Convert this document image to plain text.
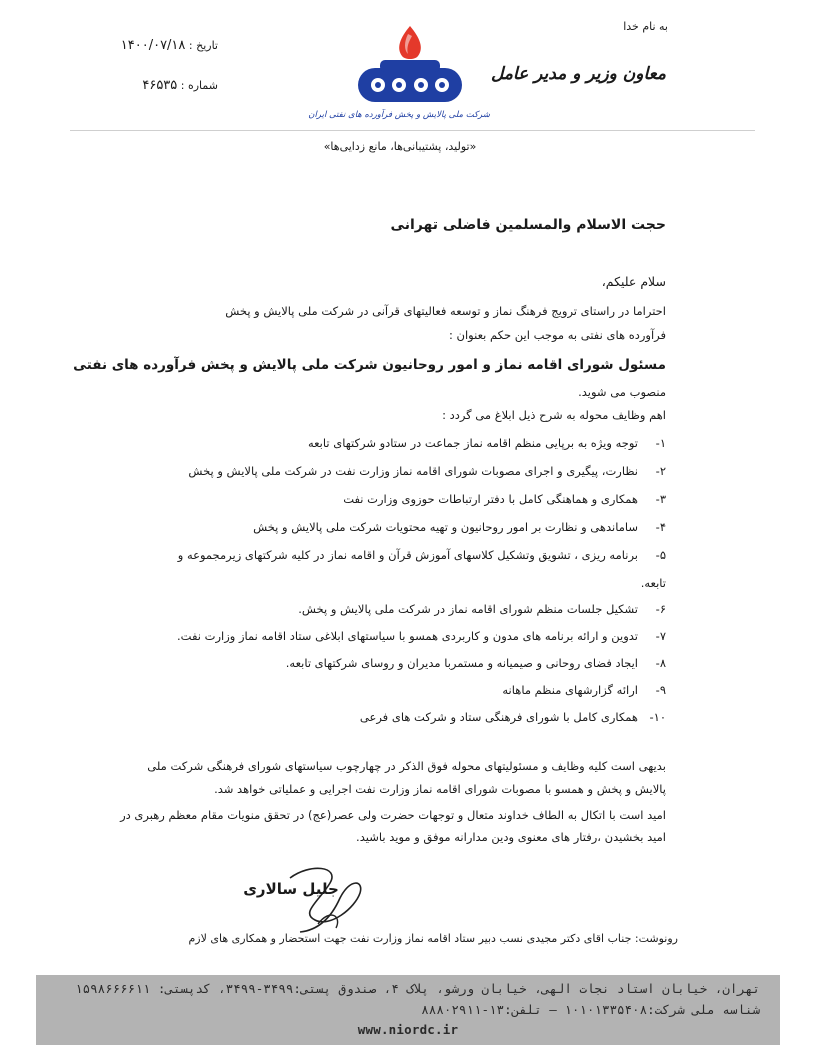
به نام خدا
معاون وزیر و مدیر عامل
تاریخ : ۱۴۰۰/۰۷/۱۸
شماره : ۴۶۵۳۵
شرکت ملی پالایش و پخش فرآورده های نفتی ایران
«تولید، پشتیبانی‌ها، مانع زدایی‌ها»
حجت الاسلام والمسلمین فاضلی تهرانی
سلام علیکم،
احتراما در راستای ترویج فرهنگ نماز و توسعه فعالیتهای قرآنی در شرکت ملی پالایش و پخش
فرآورده های نفتی به موجب این حکم بعنوان :
مسئول شورای اقامه نماز و امور روحانیون شرکت ملی پالایش و پخش فرآورده های نفتی
منصوب می شوید.
اهم وظایف محوله به شرح ذیل ابلاغ می گردد :
۱-توجه ویژه به برپایی منظم اقامه نماز جماعت در ستادو شرکتهای تابعه
۲-نظارت، پیگیری و اجرای مصوبات شورای اقامه نماز وزارت نفت در شرکت ملی پالایش و پخش
۳-همکاری و هماهنگی کامل با دفتر ارتباطات حوزوی وزارت نفت
۴-ساماندهی و نظارت بر امور روحانیون و تهیه محتویات شرکت ملی پالایش و پخش
۵-برنامه ریزی ، تشویق وتشکیل کلاسهای آموزش قرآن و اقامه نماز در کلیه شرکتهای زیرمجموعه و
تابعه.
۶-تشکیل جلسات منظم شورای اقامه نماز در شرکت ملی پالایش و پخش.
۷-تدوین و ارائه برنامه های مدون و کاربردی همسو با سیاستهای ابلاغی ستاد اقامه نماز وزارت نفت.
۸-ایجاد فضای روحانی و صیمیانه و مستمربا مدیران و روسای شرکتهای تابعه.
۹-ارائه گزارشهای منظم ماهانه
۱۰-همکاری کامل با شورای فرهنگی ستاد و شرکت های فرعی
بدیهی است کلیه وظایف و مسئولیتهای محوله فوق الذکر در چهارچوب سیاستهای شورای فرهنگی شرکت ملی
پالایش و پخش و همسو با مصوبات شورای اقامه نماز وزارت نفت اجرایی و عملیاتی خواهد شد.
امید است با اتکال به الطاف خداوند متعال و توجهات حضرت ولی عصر(عج) در تحقق منویات مقام معظم رهبری در
امید بخشیدن ،رفتار های معنوی ودین مدارانه موفق و موید باشید.
جلیل سالاری
رونوشت: جناب اقای دکتر مجیدی نسب دبیر ستاد اقامه نماز وزارت نفت جهت استحضار و همکاری های لازم
تهران، خیابان استاد نجات الهی، خیابان ورشو، پلاک ۴، صندوق پستی:۳۴۹۹-۳۴۹۹، کدپستی: ۱۵۹۸۶۶۶۶۱۱
شناسه ملی شرکت:۱۰۱۰۱۳۳۵۴۰۸ — تلفن:۱۳-۸۸۸۰۲۹۱۱
www.niordc.ir
